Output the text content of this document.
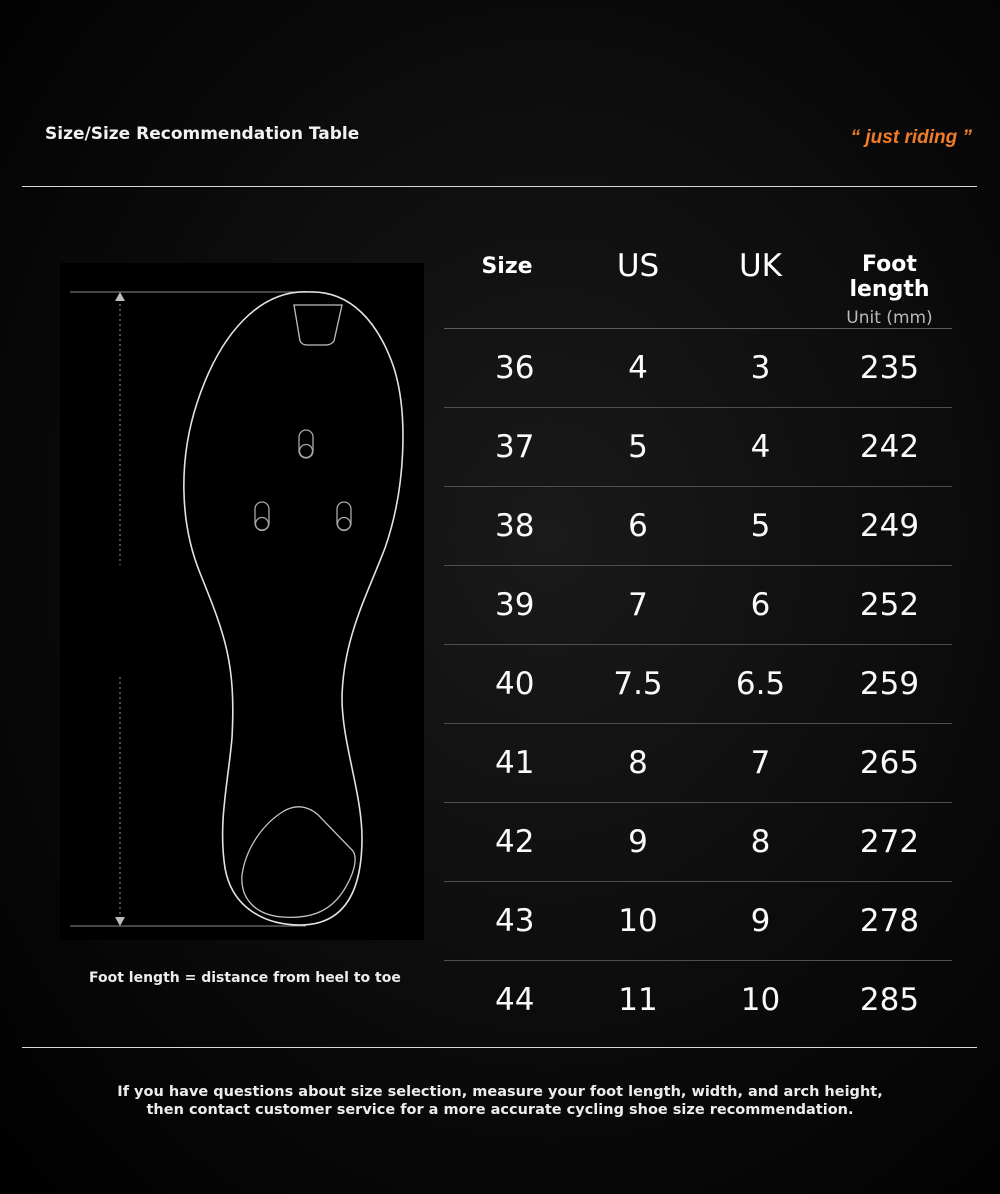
Size/Size Recommendation Table	“ just riding ”
Foot length = distance from heel to toe
Size	US	UK	Foot length
Unit (mm)

36	4	3	235
37	5	4	242
38	6	5	249
39	7	6	252
40	7.5	6.5	259
41	8	7	265
42	9	8	272
43	10	9	278
44	11	10	285
If you have questions about size selection, measure your foot length, width, and arch height,
then contact customer service for a more accurate cycling shoe size recommendation.
